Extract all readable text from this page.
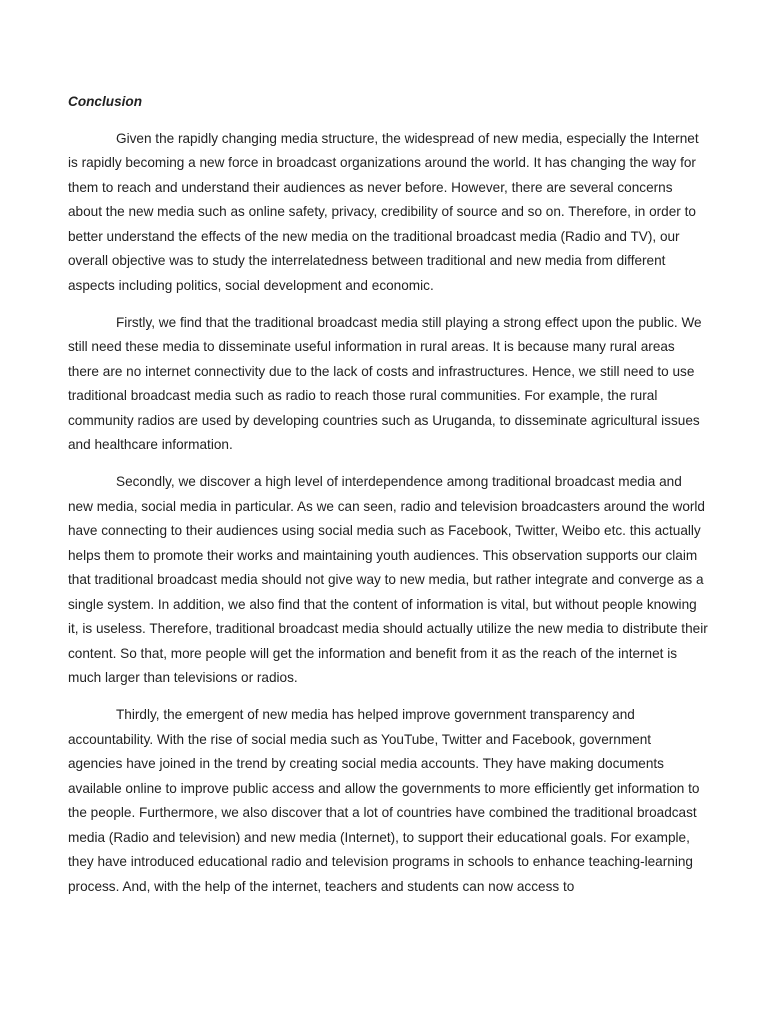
Conclusion

Given the rapidly changing media structure, the widespread of new media, especially the Internet is rapidly becoming a new force in broadcast organizations around the world. It has changing the way for them to reach and understand their audiences as never before. However, there are several concerns about the new media such as online safety, privacy, credibility of source and so on. Therefore, in order to better understand the effects of the new media on the traditional broadcast media (Radio and TV), our overall objective was to study the interrelatedness between traditional and new media from different aspects including politics, social development and economic.

Firstly, we find that the traditional broadcast media still playing a strong effect upon the public. We still need these media to disseminate useful information in rural areas. It is because many rural areas there are no internet connectivity due to the lack of costs and infrastructures. Hence, we still need to use traditional broadcast media such as radio to reach those rural communities. For example, the rural community radios are used by developing countries such as Uruganda, to disseminate agricultural issues and healthcare information.

Secondly, we discover a high level of interdependence among traditional broadcast media and new media, social media in particular. As we can seen, radio and television broadcasters around the world have connecting to their audiences using social media such as Facebook, Twitter, Weibo etc. this actually helps them to promote their works and maintaining youth audiences. This observation supports our claim that traditional broadcast media should not give way to new media, but rather integrate and converge as a single system. In addition, we also find that the content of information is vital, but without people knowing it, is useless. Therefore, traditional broadcast media should actually utilize the new media to distribute their content. So that, more people will get the information and benefit from it as the reach of the internet is much larger than televisions or radios.

Thirdly, the emergent of new media has helped improve government transparency and accountability. With the rise of social media such as YouTube, Twitter and Facebook, government agencies have joined in the trend by creating social media accounts. They have making documents available online to improve public access and allow the governments to more efficiently get information to the people. Furthermore, we also discover that a lot of countries have combined the traditional broadcast media (Radio and television) and new media (Internet), to support their educational goals. For example, they have introduced educational radio and television programs in schools to enhance teaching-learning process. And, with the help of the internet, teachers and students can now access to
